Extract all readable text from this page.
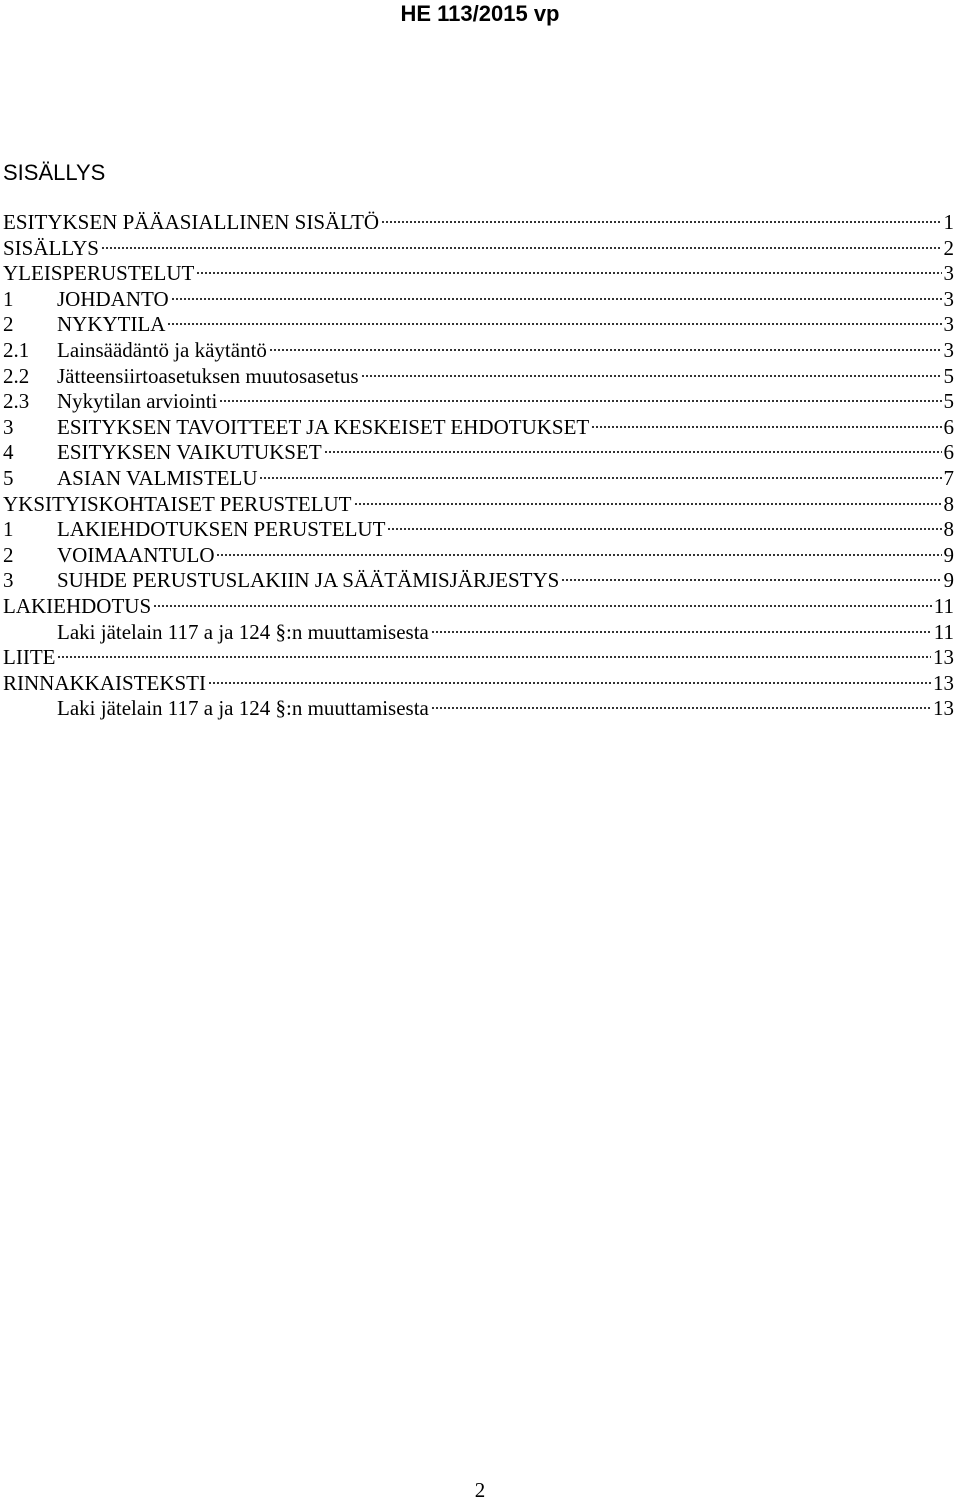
HE 113/2015 vp
SISÄLLYS
ESITYKSEN PÄÄASIALLINEN SISÄLTÖ	1
SISÄLLYS	2
YLEISPERUSTELUT	3
1	JOHDANTO	3
2	NYKYTILA	3
2.1	Lainsäädäntö ja käytäntö	3
2.2	Jätteensiirtoasetuksen muutosasetus	5
2.3	Nykytilan arviointi	5
3	ESITYKSEN TAVOITTEET JA KESKEISET EHDOTUKSET	6
4	ESITYKSEN VAIKUTUKSET	6
5	ASIAN VALMISTELU	7
YKSITYISKOHTAISET PERUSTELUT	8
1	LAKIEHDOTUKSEN PERUSTELUT	8
2	VOIMAANTULO	9
3	SUHDE PERUSTUSLAKIIN JA SÄÄTÄMISJÄRJESTYS	9
LAKIEHDOTUS	11
Laki jätelain 117 a ja 124 §:n muuttamisesta	11
LIITE	13
RINNAKKAISTEKSTI	13
Laki jätelain 117 a ja 124 §:n muuttamisesta	13
2
